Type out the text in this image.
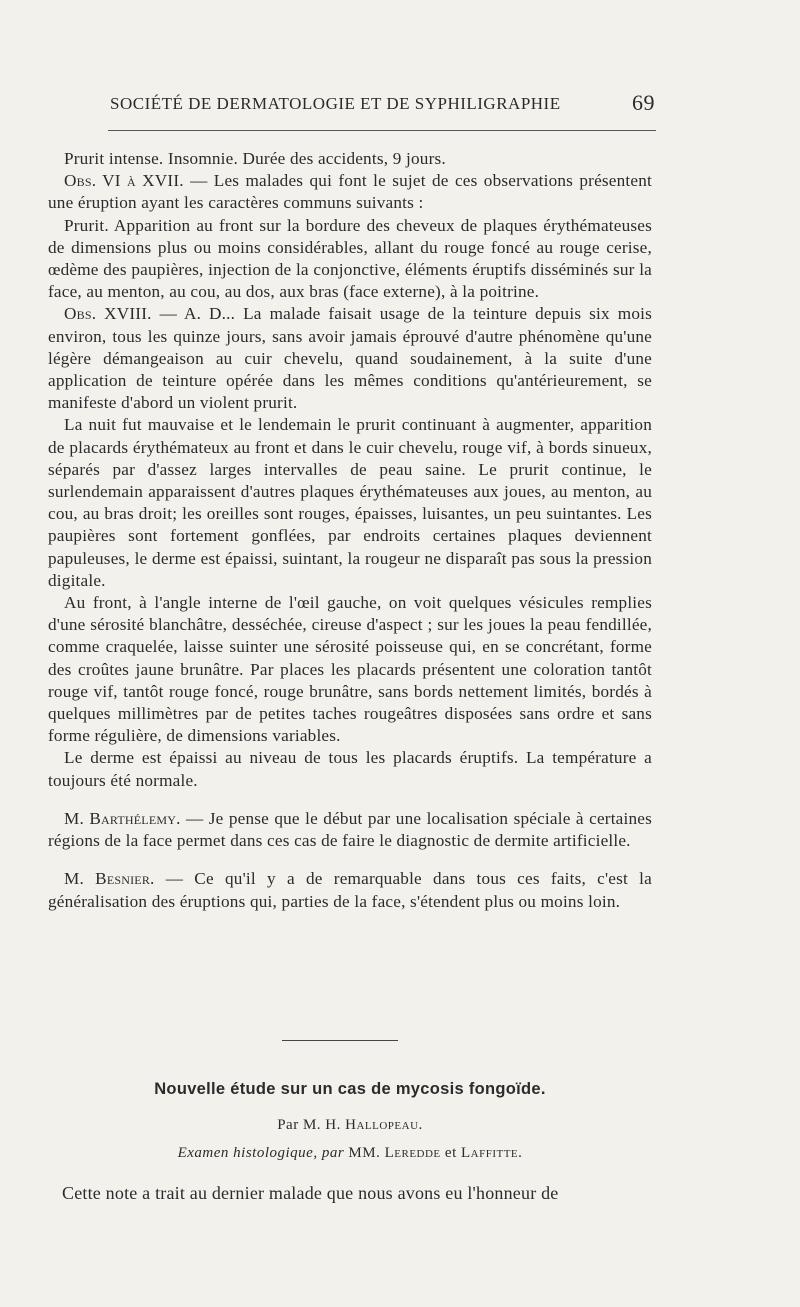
SOCIÉTÉ DE DERMATOLOGIE ET DE SYPHILIGRAPHIE	69

Prurit intense. Insomnie. Durée des accidents, 9 jours.

Obs. VI à XVII. — Les malades qui font le sujet de ces observations présentent une éruption ayant les caractères communs suivants :

Prurit. Apparition au front sur la bordure des cheveux de plaques érythémateuses de dimensions plus ou moins considérables, allant du rouge foncé au rouge cerise, œdème des paupières, injection de la conjonctive, éléments éruptifs disséminés sur la face, au menton, au cou, au dos, aux bras (face externe), à la poitrine.

Obs. XVIII. — A. D... La malade faisait usage de la teinture depuis six mois environ, tous les quinze jours, sans avoir jamais éprouvé d'autre phénomène qu'une légère démangeaison au cuir chevelu, quand soudainement, à la suite d'une application de teinture opérée dans les mêmes conditions qu'antérieurement, se manifeste d'abord un violent prurit.

La nuit fut mauvaise et le lendemain le prurit continuant à augmenter, apparition de placards érythémateux au front et dans le cuir chevelu, rouge vif, à bords sinueux, séparés par d'assez larges intervalles de peau saine. Le prurit continue, le surlendemain apparaissent d'autres plaques érythémateuses aux joues, au menton, au cou, au bras droit; les oreilles sont rouges, épaisses, luisantes, un peu suintantes. Les paupières sont fortement gonflées, par endroits certaines plaques deviennent papuleuses, le derme est épaissi, suintant, la rougeur ne disparaît pas sous la pression digitale.

Au front, à l'angle interne de l'œil gauche, on voit quelques vésicules remplies d'une sérosité blanchâtre, desséchée, cireuse d'aspect ; sur les joues la peau fendillée, comme craquelée, laisse suinter une sérosité poisseuse qui, en se concrétant, forme des croûtes jaune brunâtre. Par places les placards présentent une coloration tantôt rouge vif, tantôt rouge foncé, rouge brunâtre, sans bords nettement limités, bordés à quelques millimètres par de petites taches rougeâtres disposées sans ordre et sans forme régulière, de dimensions variables.

Le derme est épaissi au niveau de tous les placards éruptifs. La température a toujours été normale.

M. Barthélemy. — Je pense que le début par une localisation spéciale à certaines régions de la face permet dans ces cas de faire le diagnostic de dermite artificielle.

M. Besnier. — Ce qu'il y a de remarquable dans tous ces faits, c'est la généralisation des éruptions qui, parties de la face, s'étendent plus ou moins loin.

Nouvelle étude sur un cas de mycosis fongoïde.
Par M. H. Hallopeau.
Examen histologique, par MM. Leredde et Laffitte.
Cette note a trait au dernier malade que nous avons eu l'honneur de
